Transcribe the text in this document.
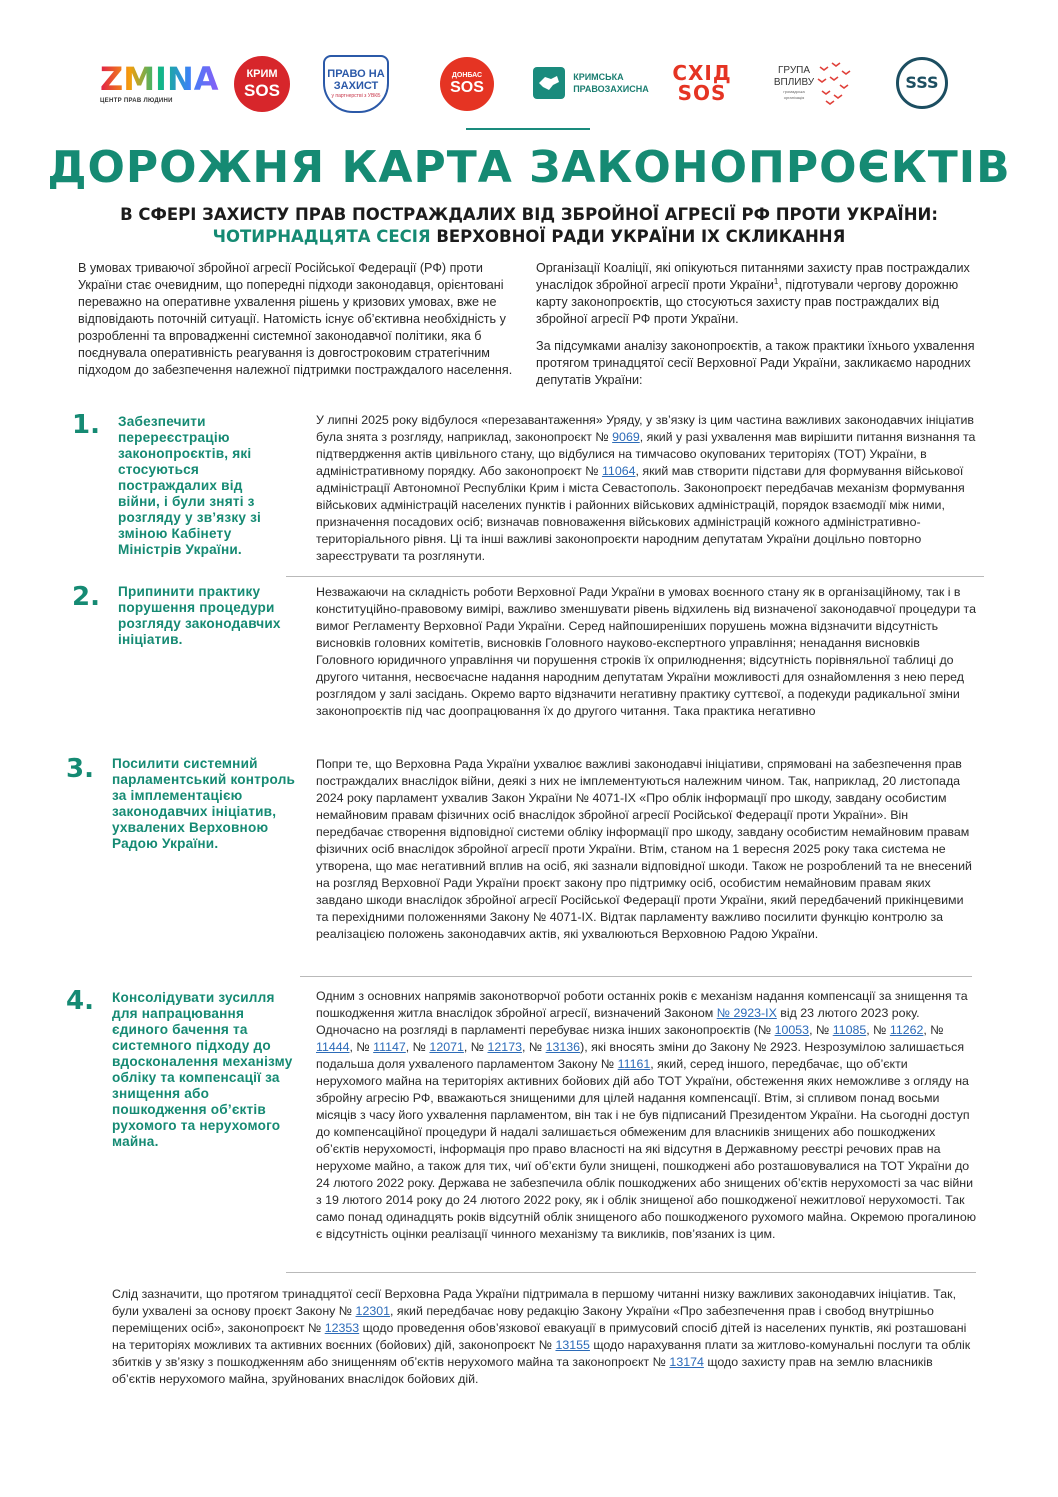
ZMINA
ЦЕНТР ПРАВ ЛЮДИНИ
КРИМ
SOS
ПРАВО НА
ЗАХИСТ
у партнерстві з УВКБ
ДОНБАС
SOS
КРИМСЬКА
ПРАВОЗАХИСНА
СХІД
SOS
ГРУПА
ВПЛИВУ
громадська
організація
SSS
ДОРОЖНЯ КАРТА ЗАКОНОПРОЄКТІВ
В СФЕРІ ЗАХИСТУ ПРАВ ПОСТРАЖДАЛИХ ВІД ЗБРОЙНОЇ АГРЕСІЇ РФ ПРОТИ УКРАЇНИ:
ЧОТИРНАДЦЯТА СЕСІЯ ВЕРХОВНОЇ РАДИ УКРАЇНИ IX СКЛИКАННЯ

В умовах триваючої збройної агресії Російської Федерації (РФ) проти України стає очевидним, що попередні підходи законодавця, орієнтовані переважно на оперативне ухвалення рішень у кризових умовах, вже не відповідають поточній ситуації. Натомість існує об’єктивна необхідність у розробленні та впровадженні системної законодавчої політики, яка б поєднувала оперативність реагування із довгостроковим стратегічним підходом до забезпечення належної підтримки постраждалого населення.

Організації Коаліції, які опікуються питаннями захисту прав постраждалих унаслідок збройної агресії проти України$^1$, підготували чергову дорожню карту законопроєктів, що стосуються захисту прав постраждалих від збройної агресії РФ проти України.

За підсумками аналізу законопроєктів, а також практики їхнього ухвалення протягом тринадцятої сесії Верховної Ради України, закликаємо народних депутатів України:

1. Забезпечити перереєстрацію законопроєктів, які стосуються постраждалих від війни, і були зняті з розгляду у зв’язку зі зміною Кабінету Міністрів України.
У липні 2025 року відбулося «перезавантаження» Уряду, у зв’язку із цим частина важливих законодавчих ініціатив була знята з розгляду, наприклад, законопроєкт № 9069, який у разі ухвалення мав вирішити питання визнання та підтвердження актів цивільного стану, що відбулися на тимчасово окупованих територіях (ТОТ) України, в адміністративному порядку. Або законопроєкт № 11064, який мав створити підстави для формування військової адміністрації Автономної Республіки Крим і міста Севастополь. Законопроєкт передбачав механізм формування військових адміністрацій населених пунктів і районних військових адміністрацій, порядок взаємодії між ними, призначення посадових осіб; визначав повноваження військових адміністрацій кожного адміністративно-територіального рівня. Ці та інші важливі законопроєкти народним депутатам України доцільно повторно зареєструвати та розглянути.
2. Припинити практику порушення процедури розгляду законодавчих ініціатив.
Незважаючи на складність роботи Верховної Ради України в умовах воєнного стану як в організаційному, так і в конституційно-правовому вимірі, важливо зменшувати рівень відхилень від визначеної законодавчої процедури та вимог Регламенту Верховної Ради України. Серед найпоширеніших порушень можна відзначити відсутність висновків головних комітетів, висновків Головного науково-експертного управління; ненадання висновків Головного юридичного управління чи порушення строків їх оприлюднення; відсутність порівняльної таблиці до другого читання, несвоєчасне надання народним депутатам України можливості для ознайомлення з нею перед розглядом у залі засідань. Окремо варто відзначити негативну практику суттєвої, а подекуди радикальної зміни законопроєктів під час доопрацювання їх до другого читання. Така практика негативно
3. Посилити системний парламентський контроль за імплементацією законодавчих ініціатив, ухвалених Верховною Радою України.
Попри те, що Верховна Рада України ухвалює важливі законодавчі ініціативи, спрямовані на забезпечення прав постраждалих внаслідок війни, деякі з них не імплементуються належним чином. Так, наприклад, 20 листопада 2024 року парламент ухвалив Закон України № 4071-IX «Про облік інформації про шкоду, завдану особистим немайновим правам фізичних осіб внаслідок збройної агресії Російської Федерації проти України». Він передбачає створення відповідної системи обліку інформації про шкоду, завдану особистим немайновим правам фізичних осіб внаслідок збройної агресії проти України. Втім, станом на 1 вересня 2025 року така система не утворена, що має негативний вплив на осіб, які зазнали відповідної шкоди. Також не розроблений та не внесений на розгляд Верховної Ради України проєкт закону про підтримку осіб, особистим немайновим правам яких завдано шкоди внаслідок збройної агресії Російської Федерації проти України, який передбачений прикінцевими та перехідними положеннями Закону № 4071-IX. Відтак парламенту важливо посилити функцію контролю за реалізацією положень законодавчих актів, які ухвалюються Верховною Радою України.
4. Консолідувати зусилля для напрацювання єдиного бачення та системного підходу до вдосконалення механізму обліку та компенсації за знищення або пошкодження об’єктів рухомого та нерухомого майна.
Одним з основних напрямів законотворчої роботи останніх років є механізм надання компенсації за знищення та пошкодження житла внаслідок збройної агресії, визначений Законом № 2923-IX від 23 лютого 2023 року. Одночасно на розгляді в парламенті перебуває низка інших законопроєктів (№ 10053, № 11085, № 11262, № 11444, № 11147, № 12071, № 12173, № 13136), які вносять зміни до Закону № 2923. Незрозумілою залишається подальша доля ухваленого парламентом Закону № 11161, який, серед іншого, передбачає, що об’єкти нерухомого майна на територіях активних бойових дій або ТОТ України, обстеження яких неможливе з огляду на збройну агресію РФ, вважаються знищеними для цілей надання компенсації. Втім, зі спливом понад восьми місяців з часу його ухвалення парламентом, він так і не був підписаний Президентом України. На сьогодні доступ до компенсаційної процедури й надалі залишається обмеженим для власників знищених або пошкоджених об’єктів нерухомості, інформація про право власності на які відсутня в Державному реєстрі речових прав на нерухоме майно, а також для тих, чиї об’єкти були знищені, пошкоджені або розташовувалися на ТОТ України до 24 лютого 2022 року. Держава не забезпечила облік пошкоджених або знищених об’єктів нерухомості за час війни з 19 лютого 2014 року до 24 лютого 2022 року, як і облік знищеної або пошкодженої нежитлової нерухомості. Так само понад одинадцять років відсутній облік знищеного або пошкодженого рухомого майна. Окремою прогалиною є відсутність оцінки реалізації чинного механізму та викликів, пов’язаних із цим.
Слід зазначити, що протягом тринадцятої сесії Верховна Рада України підтримала в першому читанні низку важливих законодавчих ініціатив. Так, були ухвалені за основу проєкт Закону № 12301, який передбачає нову редакцію Закону України «Про забезпечення прав і свобод внутрішньо переміщених осіб», законопроєкт № 12353 щодо проведення обов’язкової евакуації в примусовий спосіб дітей із населених пунктів, які розташовані на територіях можливих та активних воєнних (бойових) дій, законопроєкт № 13155 щодо нарахування плати за житлово-комунальні послуги та облік збитків у зв’язку з пошкодженням або знищенням об’єктів нерухомого майна та законопроєкт № 13174 щодо захисту прав на землю власників об’єктів нерухомого майна, зруйнованих внаслідок бойових дій.
